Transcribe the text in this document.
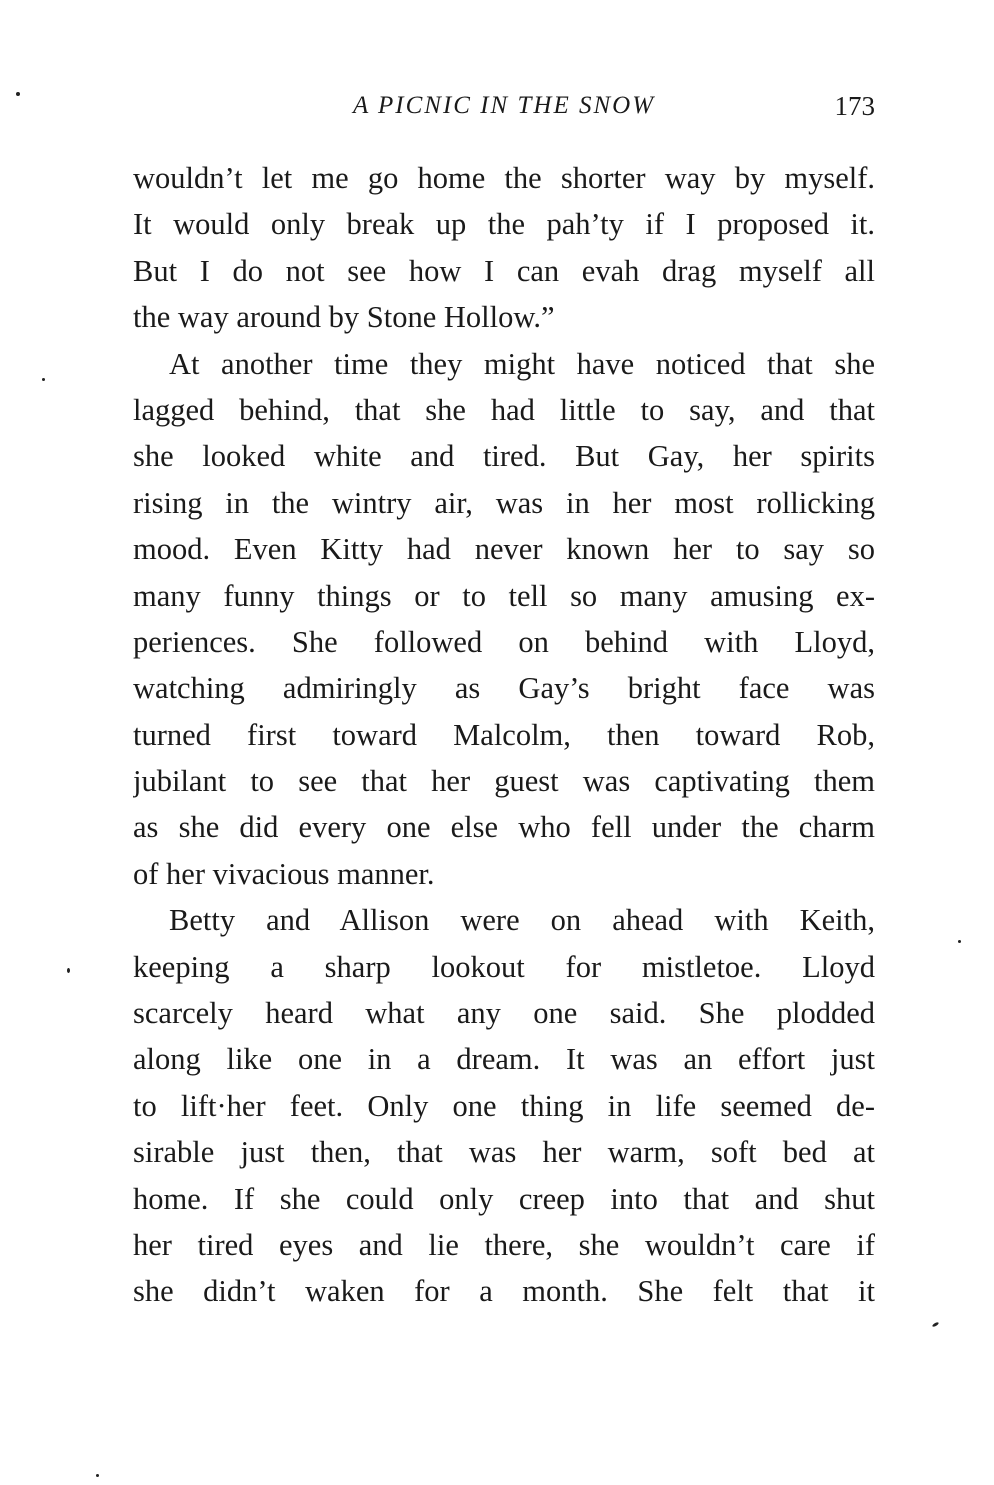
A PICNIC IN THE SNOW	173
wouldn’t let me go home the shorter way by myself.
It would only break up the pah’ty if I proposed it.
But I do not see how I can evah drag myself all
the way around by Stone Hollow.”
At another time they might have noticed that she
lagged behind, that she had little to say, and that
she looked white and tired. But Gay, her spirits
rising in the wintry air, was in her most rollicking
mood. Even Kitty had never known her to say so
many funny things or to tell so many amusing ex-
periences. She followed on behind with Lloyd,
watching admiringly as Gay’s bright face was
turned first toward Malcolm, then toward Rob,
jubilant to see that her guest was captivating them
as she did every one else who fell under the charm
of her vivacious manner.
Betty and Allison were on ahead with Keith,
keeping a sharp lookout for mistletoe. Lloyd
scarcely heard what any one said. She plodded
along like one in a dream. It was an effort just
to lift·her feet. Only one thing in life seemed de-
sirable just then, that was her warm, soft bed at
home. If she could only creep into that and shut
her tired eyes and lie there, she wouldn’t care if
she didn’t waken for a month. She felt that it
